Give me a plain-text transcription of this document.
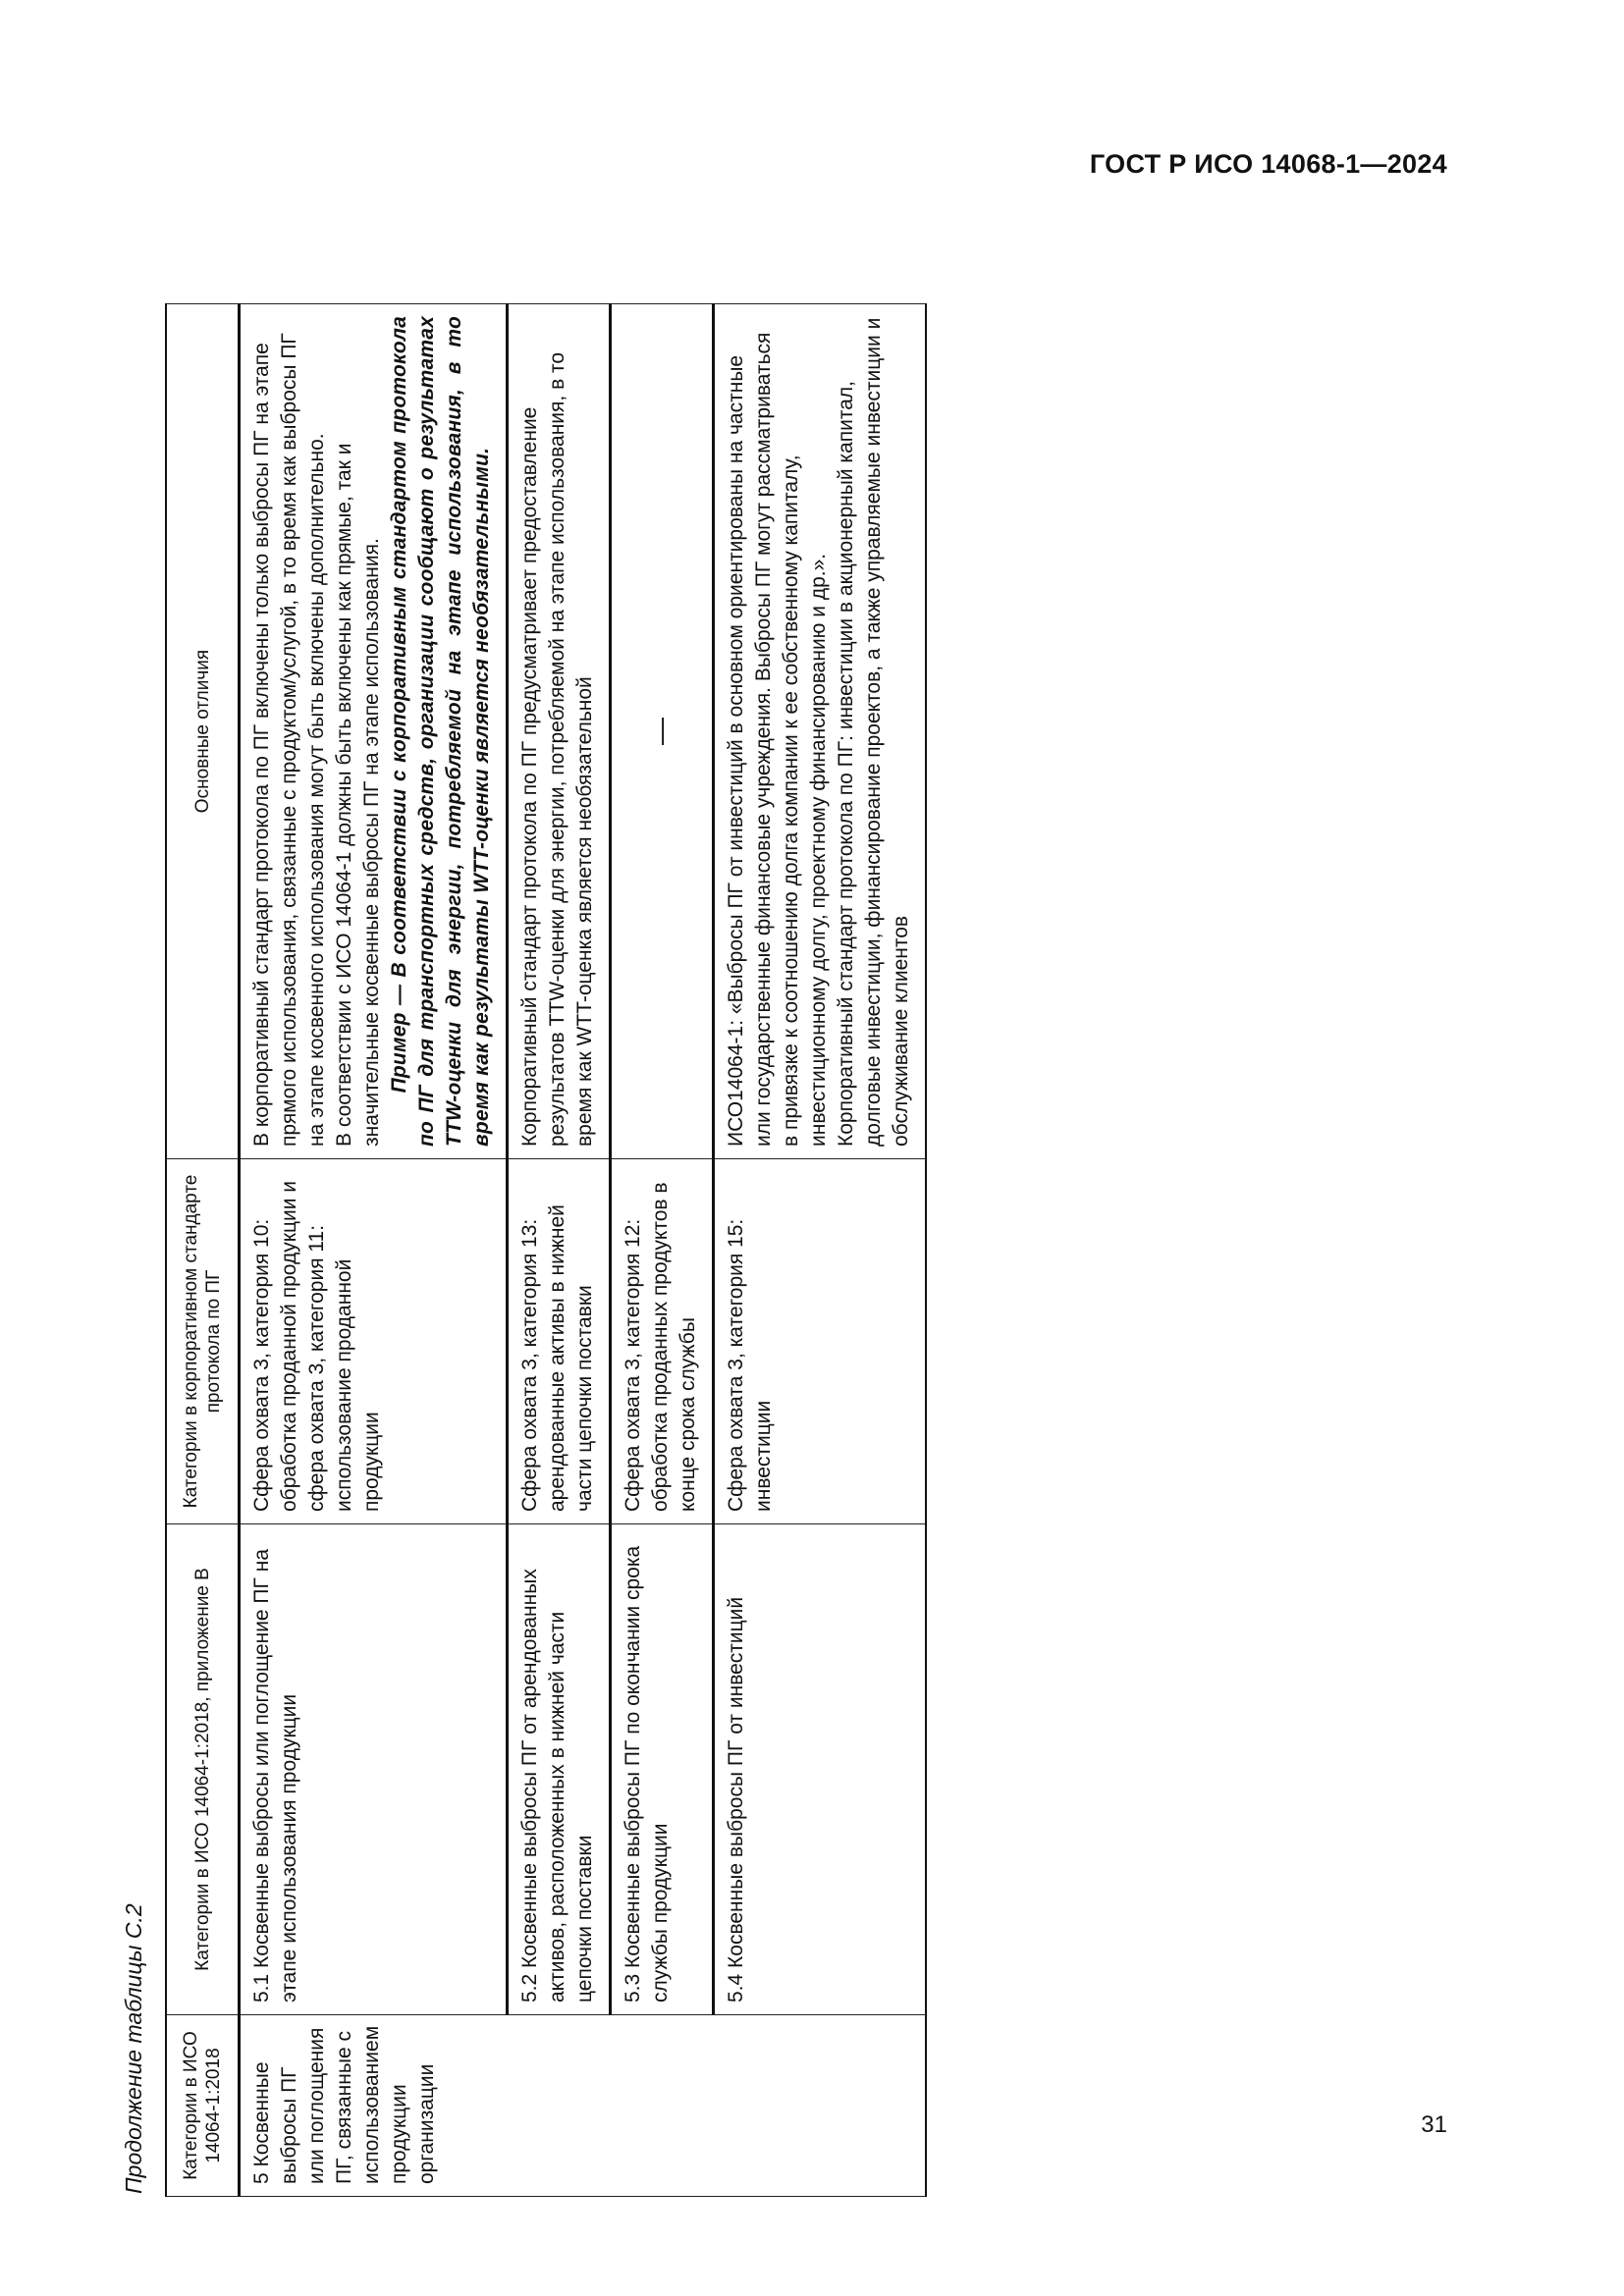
ГОСТ Р ИСО 14068-1—2024
Продолжение таблицы С.2	Категории в ИСО 14064-1:2018	Категории в ИСО 14064-1:2018, приложение В	Категории в корпоративном стандарте протокола по ПГ	Основные отличия
5 Косвенные выбросы ПГ или поглощения ПГ, связанные с использованием продукции организации	5.1 Косвенные выбросы или поглощение ПГ на этапе использования продукции	Сфера охвата 3, категория 10: обработка проданной продукции и сфера охвата 3, категория 11: использование проданной продукции	В корпоративный стандарт протокола по ПГ включены только выбросы ПГ на этапе прямого использования, связанные с продуктом/услугой, в то время как выбросы ПГ на этапе косвенного использования могут быть включены дополнительно. В соответствии с ИСО 14064-1 должны быть включены как прямые, так и значительные косвенные выбросы ПГ на этапе использования. Пример — В соответствии с корпоративным стандартом протокола по ПГ для транспортных средств, организации сообщают о результатах TTW-оценки для энергии, потребляемой на этапе использования, в то время как результаты WTT-оценки является необязательными.

	5.2 Косвенные выбросы ПГ от арендованных активов, расположенных в нижней части цепочки поставки	Сфера охвата 3, категория 13: арендованные активы в нижней части цепочки поставки	Корпоративный стандарт протокола по ПГ предусматривает предоставление результатов TTW-оценки для энергии, потребляемой на этапе использования, в то время как WTT-оценка является необязательной

	5.3 Косвенные выбросы ПГ по окончании срока службы продукции	Сфера охвата 3, категория 12: обработка проданных продуктов в конце срока службы	—
	5.4 Косвенные выбросы ПГ от инвестиций	Сфера охвата 3, категория 15: инвестиции	ИСО14064-1: «Выбросы ПГ от инвестиций в основном ориентированы на частные или государственные финансовые учреждения. Выбросы ПГ могут рассматриваться в привязке к соотношению долга компании к ее собственному капиталу, инвестиционному долгу, проектному финансированию и др.». Корпоративный стандарт протокола по ПГ: инвестиции в акционерный капитал, долговые инвестиции, финансирование проектов, а также управляемые инвестиции и обслуживание клиентов

31
